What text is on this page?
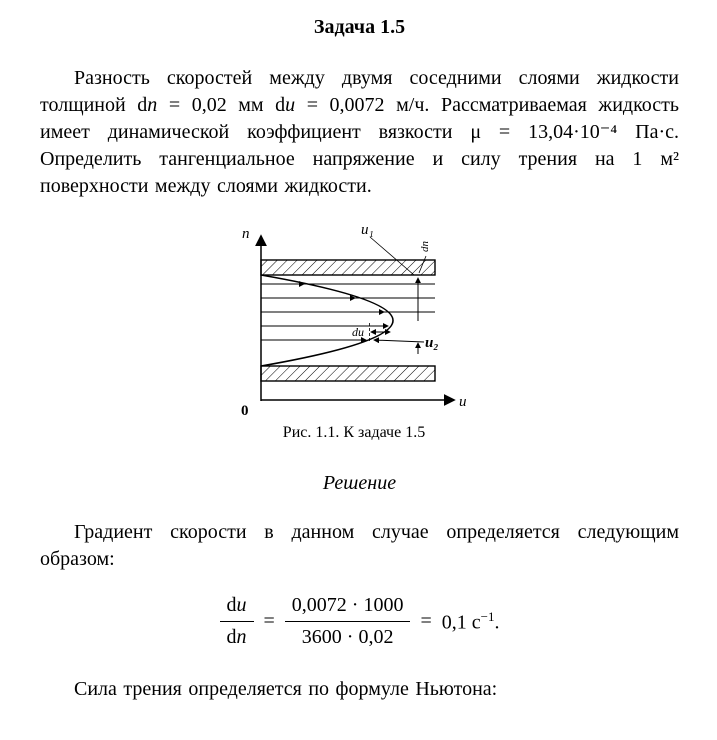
Задача 1.5

Разность скоростей между двумя соседними слоями жидкости толщиной dn = 0,02 мм du = 0,0072 м/ч. Рассматриваемая жидкость имеет динамической коэффициент вязкости μ = 13,04·10⁻⁴ Па·с. Определить тангенциальное напряжение и силу трения на 1 м² поверхности между слоями жидкости.

n
u
0
du
dn
u₁
u₂
Рис. 1.1. К задаче 1.5
Решение

Градиент скорости в данном случае определяется следующим образом:

$\frac{du}{dn} = \frac{0,0072 \cdot 1000}{3600 \cdot 0,02} = 0,1$ $с^{-1}$.

Сила трения определяется по формуле Ньютона:
